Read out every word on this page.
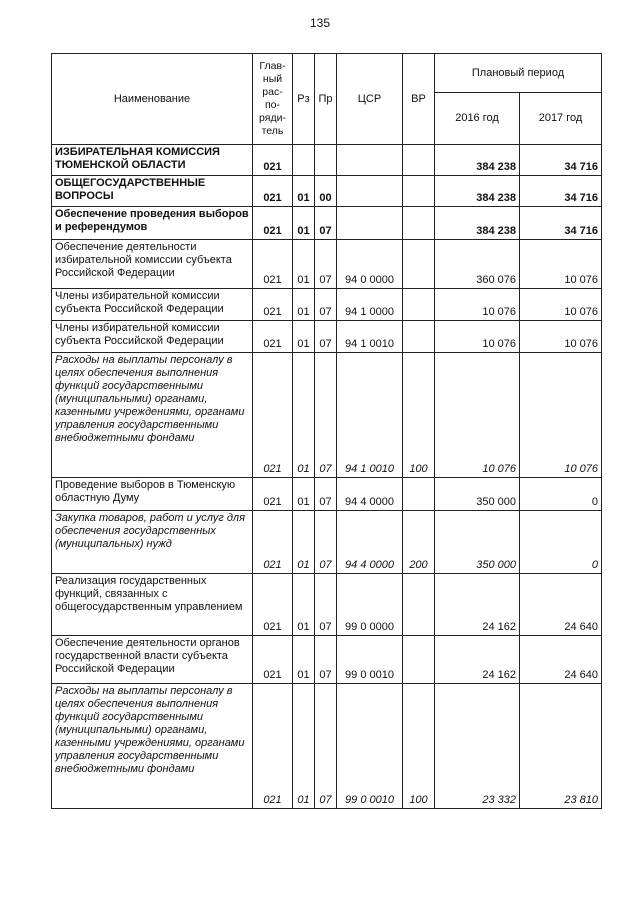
135
Наименование	Глав-ный рас-по-ряди-тель	Рз	Пр	ЦСР	ВР	Плановый период	
						2016 год	2017 год
ИЗБИРАТЕЛЬНАЯ КОМИССИЯ ТЮМЕНСКОЙ ОБЛАСТИ	021					384 238	34 716
ОБЩЕГОСУДАРСТВЕННЫЕ ВОПРОСЫ	021	01	00			384 238	34 716
Обеспечение проведения выборов и референдумов	021	01	07			384 238	34 716
Обеспечение деятельности избирательной комиссии субъекта Российской Федерации	021	01	07	94 0 0000		360 076	10 076
Члены избирательной комиссии субъекта Российской Федерации	021	01	07	94 1 0000		10 076	10 076
Члены избирательной комиссии субъекта Российской Федерации	021	01	07	94 1 0010		10 076	10 076
Расходы на выплаты персоналу в целях обеспечения выполнения функций государственными (муниципальными) органами, казенными учреждениями, органами управления государственными внебюджетными фондами	021	01	07	94 1 0010	100	10 076	10 076
Проведение выборов в Тюменскую областную Думу	021	01	07	94 4 0000		350 000	0
Закупка товаров, работ и услуг для обеспечения государственных (муниципальных) нужд	021	01	07	94 4 0000	200	350 000	0
Реализация государственных функций, связанных с общегосударственным управлением	021	01	07	99 0 0000		24 162	24 640
Обеспечение деятельности органов государственной власти субъекта Российской Федерации	021	01	07	99 0 0010		24 162	24 640
Расходы на выплаты персоналу в целях обеспечения выполнения функций государственными (муниципальными) органами, казенными учреждениями, органами управления государственными внебюджетными фондами	021	01	07	99 0 0010	100	23 332	23 810
